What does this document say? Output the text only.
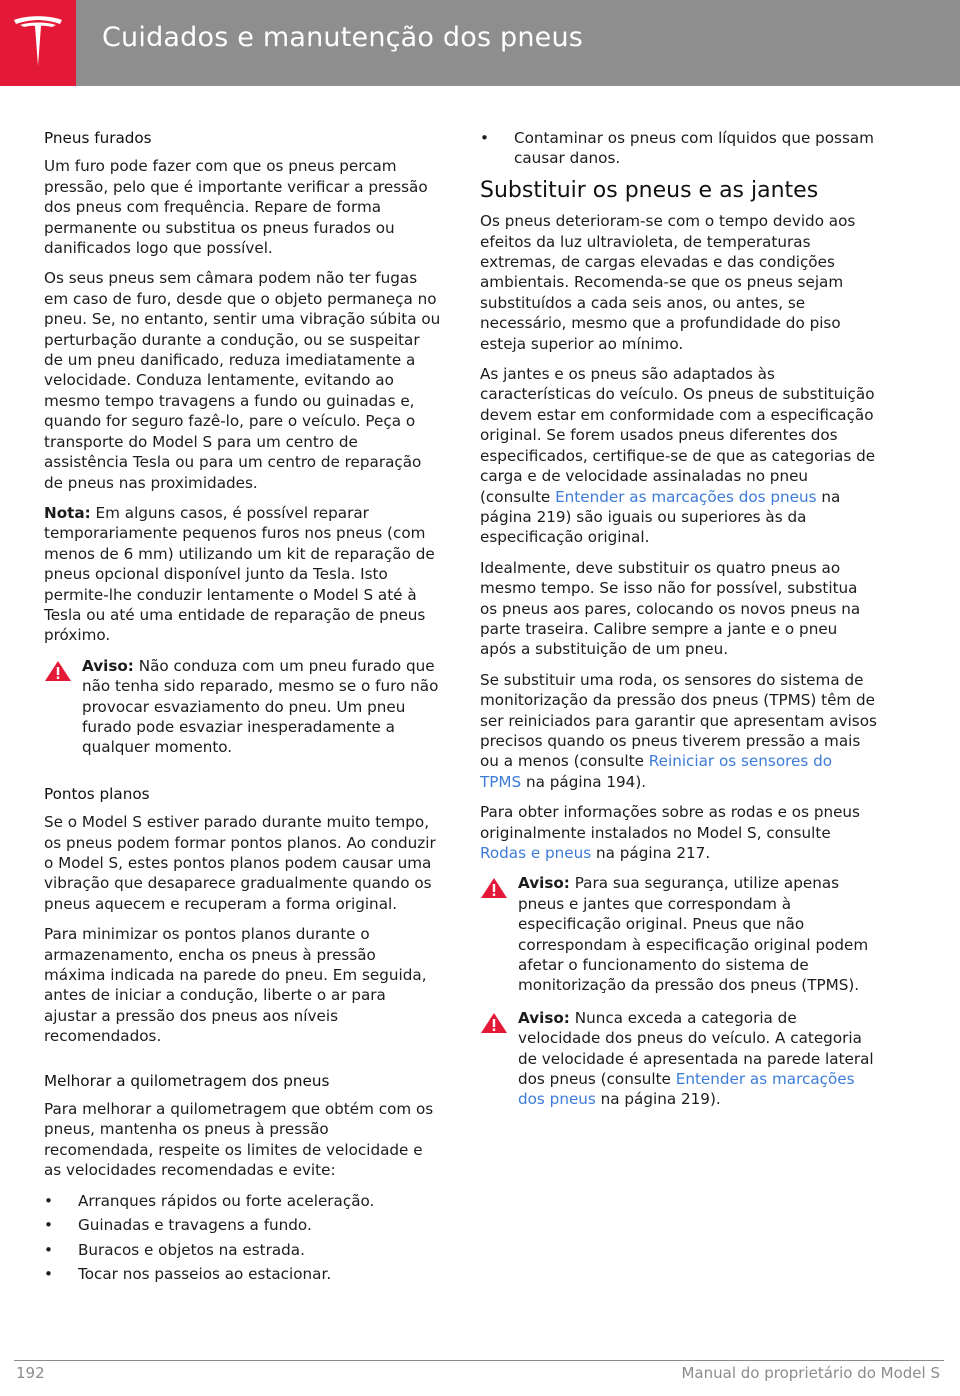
Cuidados e manutenção dos pneus
Pneus furados

Um furo pode fazer com que os pneus percam pressão, pelo que é importante verificar a pressão dos pneus com frequência. Repare de forma permanente ou substitua os pneus furados ou danificados logo que possível.

Os seus pneus sem câmara podem não ter fugas em caso de furo, desde que o objeto permaneça no pneu. Se, no entanto, sentir uma vibração súbita ou perturbação durante a condução, ou se suspeitar de um pneu danificado, reduza imediatamente a velocidade. Conduza lentamente, evitando ao mesmo tempo travagens a fundo ou guinadas e, quando for seguro fazê-lo, pare o veículo. Peça o transporte do Model S para um centro de assistência Tesla ou para um centro de reparação de pneus nas proximidades.

Nota: Em alguns casos, é possível reparar temporariamente pequenos furos nos pneus (com menos de 6 mm) utilizando um kit de reparação de pneus opcional disponível junto da Tesla. Isto permite-lhe conduzir lentamente o Model S até à Tesla ou até uma entidade de reparação de pneus próximo.

Aviso: Não conduza com um pneu furado que não tenha sido reparado, mesmo se o furo não provocar esvaziamento do pneu. Um pneu furado pode esvaziar inesperadamente a qualquer momento.
Pontos planos

Se o Model S estiver parado durante muito tempo, os pneus podem formar pontos planos. Ao conduzir o Model S, estes pontos planos podem causar uma vibração que desaparece gradualmente quando os pneus aquecem e recuperam a forma original.

Para minimizar os pontos planos durante o armazenamento, encha os pneus à pressão máxima indicada na parede do pneu. Em seguida, antes de iniciar a condução, liberte o ar para ajustar a pressão dos pneus aos níveis recomendados.

Melhorar a quilometragem dos pneus

Para melhorar a quilometragem que obtém com os pneus, mantenha os pneus à pressão recomendada, respeite os limites de velocidade e as velocidades recomendadas e evite:

• Arranques rápidos ou forte aceleração.
• Guinadas e travagens a fundo.
• Buracos e objetos na estrada.
• Tocar nos passeios ao estacionar.
• Contaminar os pneus com líquidos que possam causar danos.
Substituir os pneus e as jantes

Os pneus deterioram-se com o tempo devido aos efeitos da luz ultravioleta, de temperaturas extremas, de cargas elevadas e das condições ambientais. Recomenda-se que os pneus sejam substituídos a cada seis anos, ou antes, se necessário, mesmo que a profundidade do piso esteja superior ao mínimo.

As jantes e os pneus são adaptados às características do veículo. Os pneus de substituição devem estar em conformidade com a especificação original. Se forem usados pneus diferentes dos especificados, certifique-se de que as categorias de carga e de velocidade assinaladas no pneu (consulte Entender as marcações dos pneus na página 219) são iguais ou superiores às da especificação original.

Idealmente, deve substituir os quatro pneus ao mesmo tempo. Se isso não for possível, substitua os pneus aos pares, colocando os novos pneus na parte traseira. Calibre sempre a jante e o pneu após a substituição de um pneu.

Se substituir uma roda, os sensores do sistema de monitorização da pressão dos pneus (TPMS) têm de ser reiniciados para garantir que apresentam avisos precisos quando os pneus tiverem pressão a mais ou a menos (consulte Reiniciar os sensores do TPMS na página 194).

Para obter informações sobre as rodas e os pneus originalmente instalados no Model S, consulte Rodas e pneus na página 217.

Aviso: Para sua segurança, utilize apenas pneus e jantes que correspondam à especificação original. Pneus que não correspondam à especificação original podem afetar o funcionamento do sistema de monitorização da pressão dos pneus (TPMS).
Aviso: Nunca exceda a categoria de velocidade dos pneus do veículo. A categoria de velocidade é apresentada na parede lateral dos pneus (consulte Entender as marcações dos pneus na página 219).
192	Manual do proprietário do Model S
